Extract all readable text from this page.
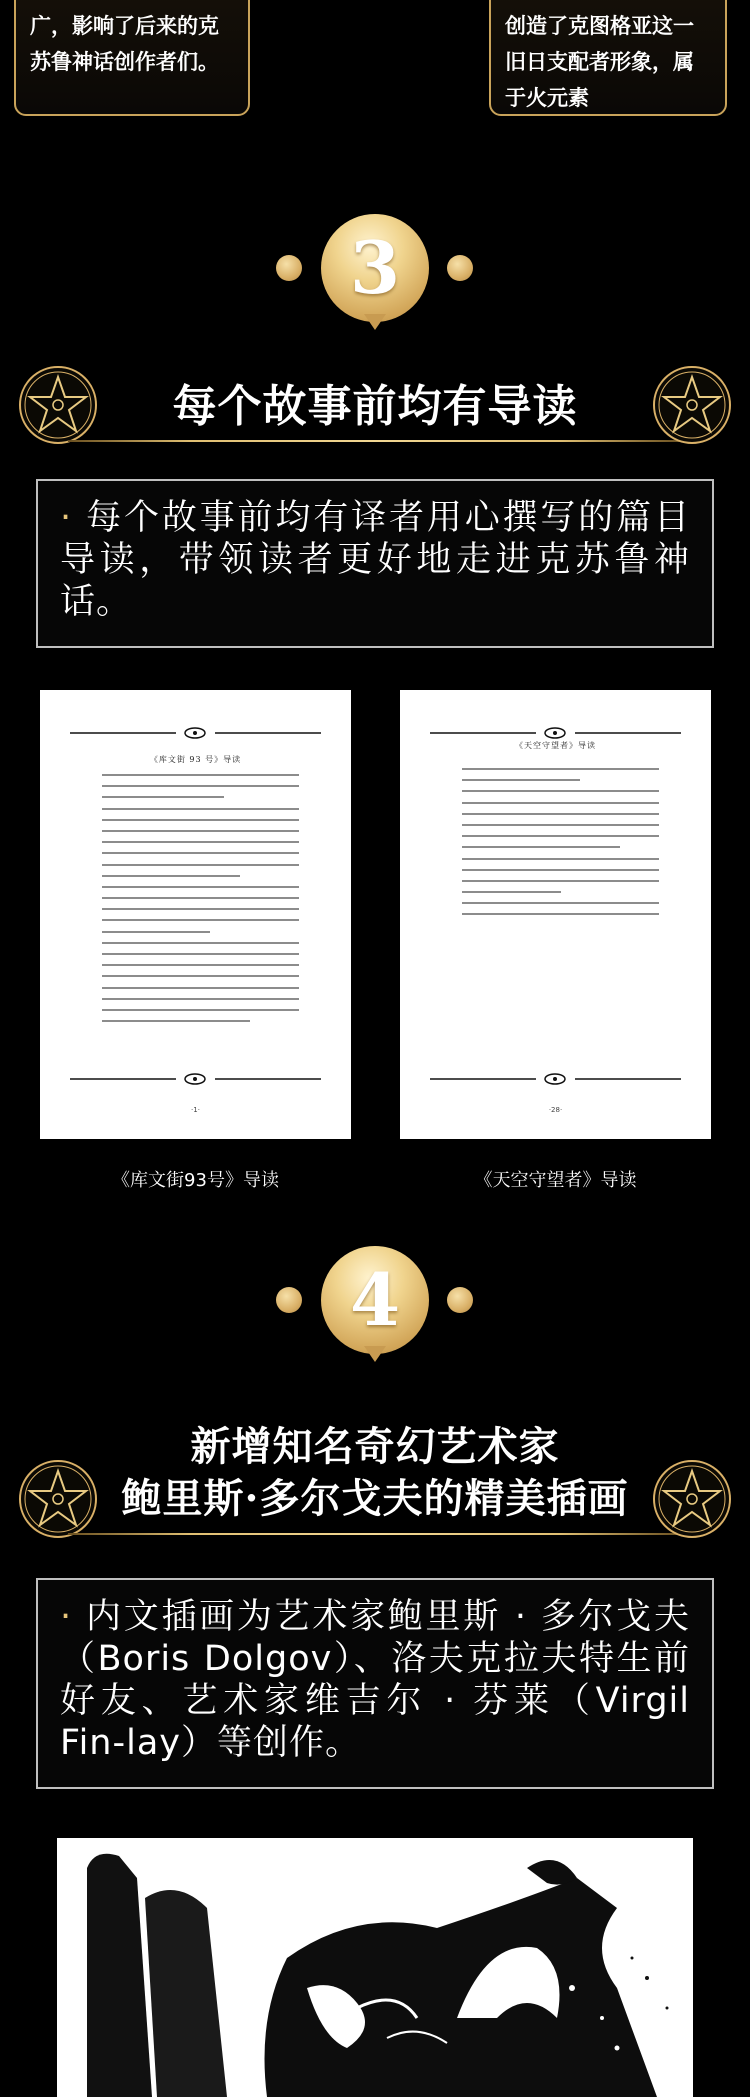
广，影响了后来的克
苏鲁神话创作者们。

创造了克图格亚这一
旧日支配者形象，属
于火元素

3
每个故事前均有导读

· 每个故事前均有译者用心撰写的篇目导读，带领读者更好地走进克苏鲁神话。

《库文街 93 号》导读
·1·
《天空守望者》导读
·28·
《库文街93号》导读	《天空守望者》导读
4
新增知名奇幻艺术家
鲍里斯·多尔戈夫的精美插画

· 内文插画为艺术家鲍里斯 · 多尔戈夫（Boris Dolgov）、洛夫克拉夫特生前好友、艺术家维吉尔 · 芬莱（Virgil Fin-lay）等创作。
